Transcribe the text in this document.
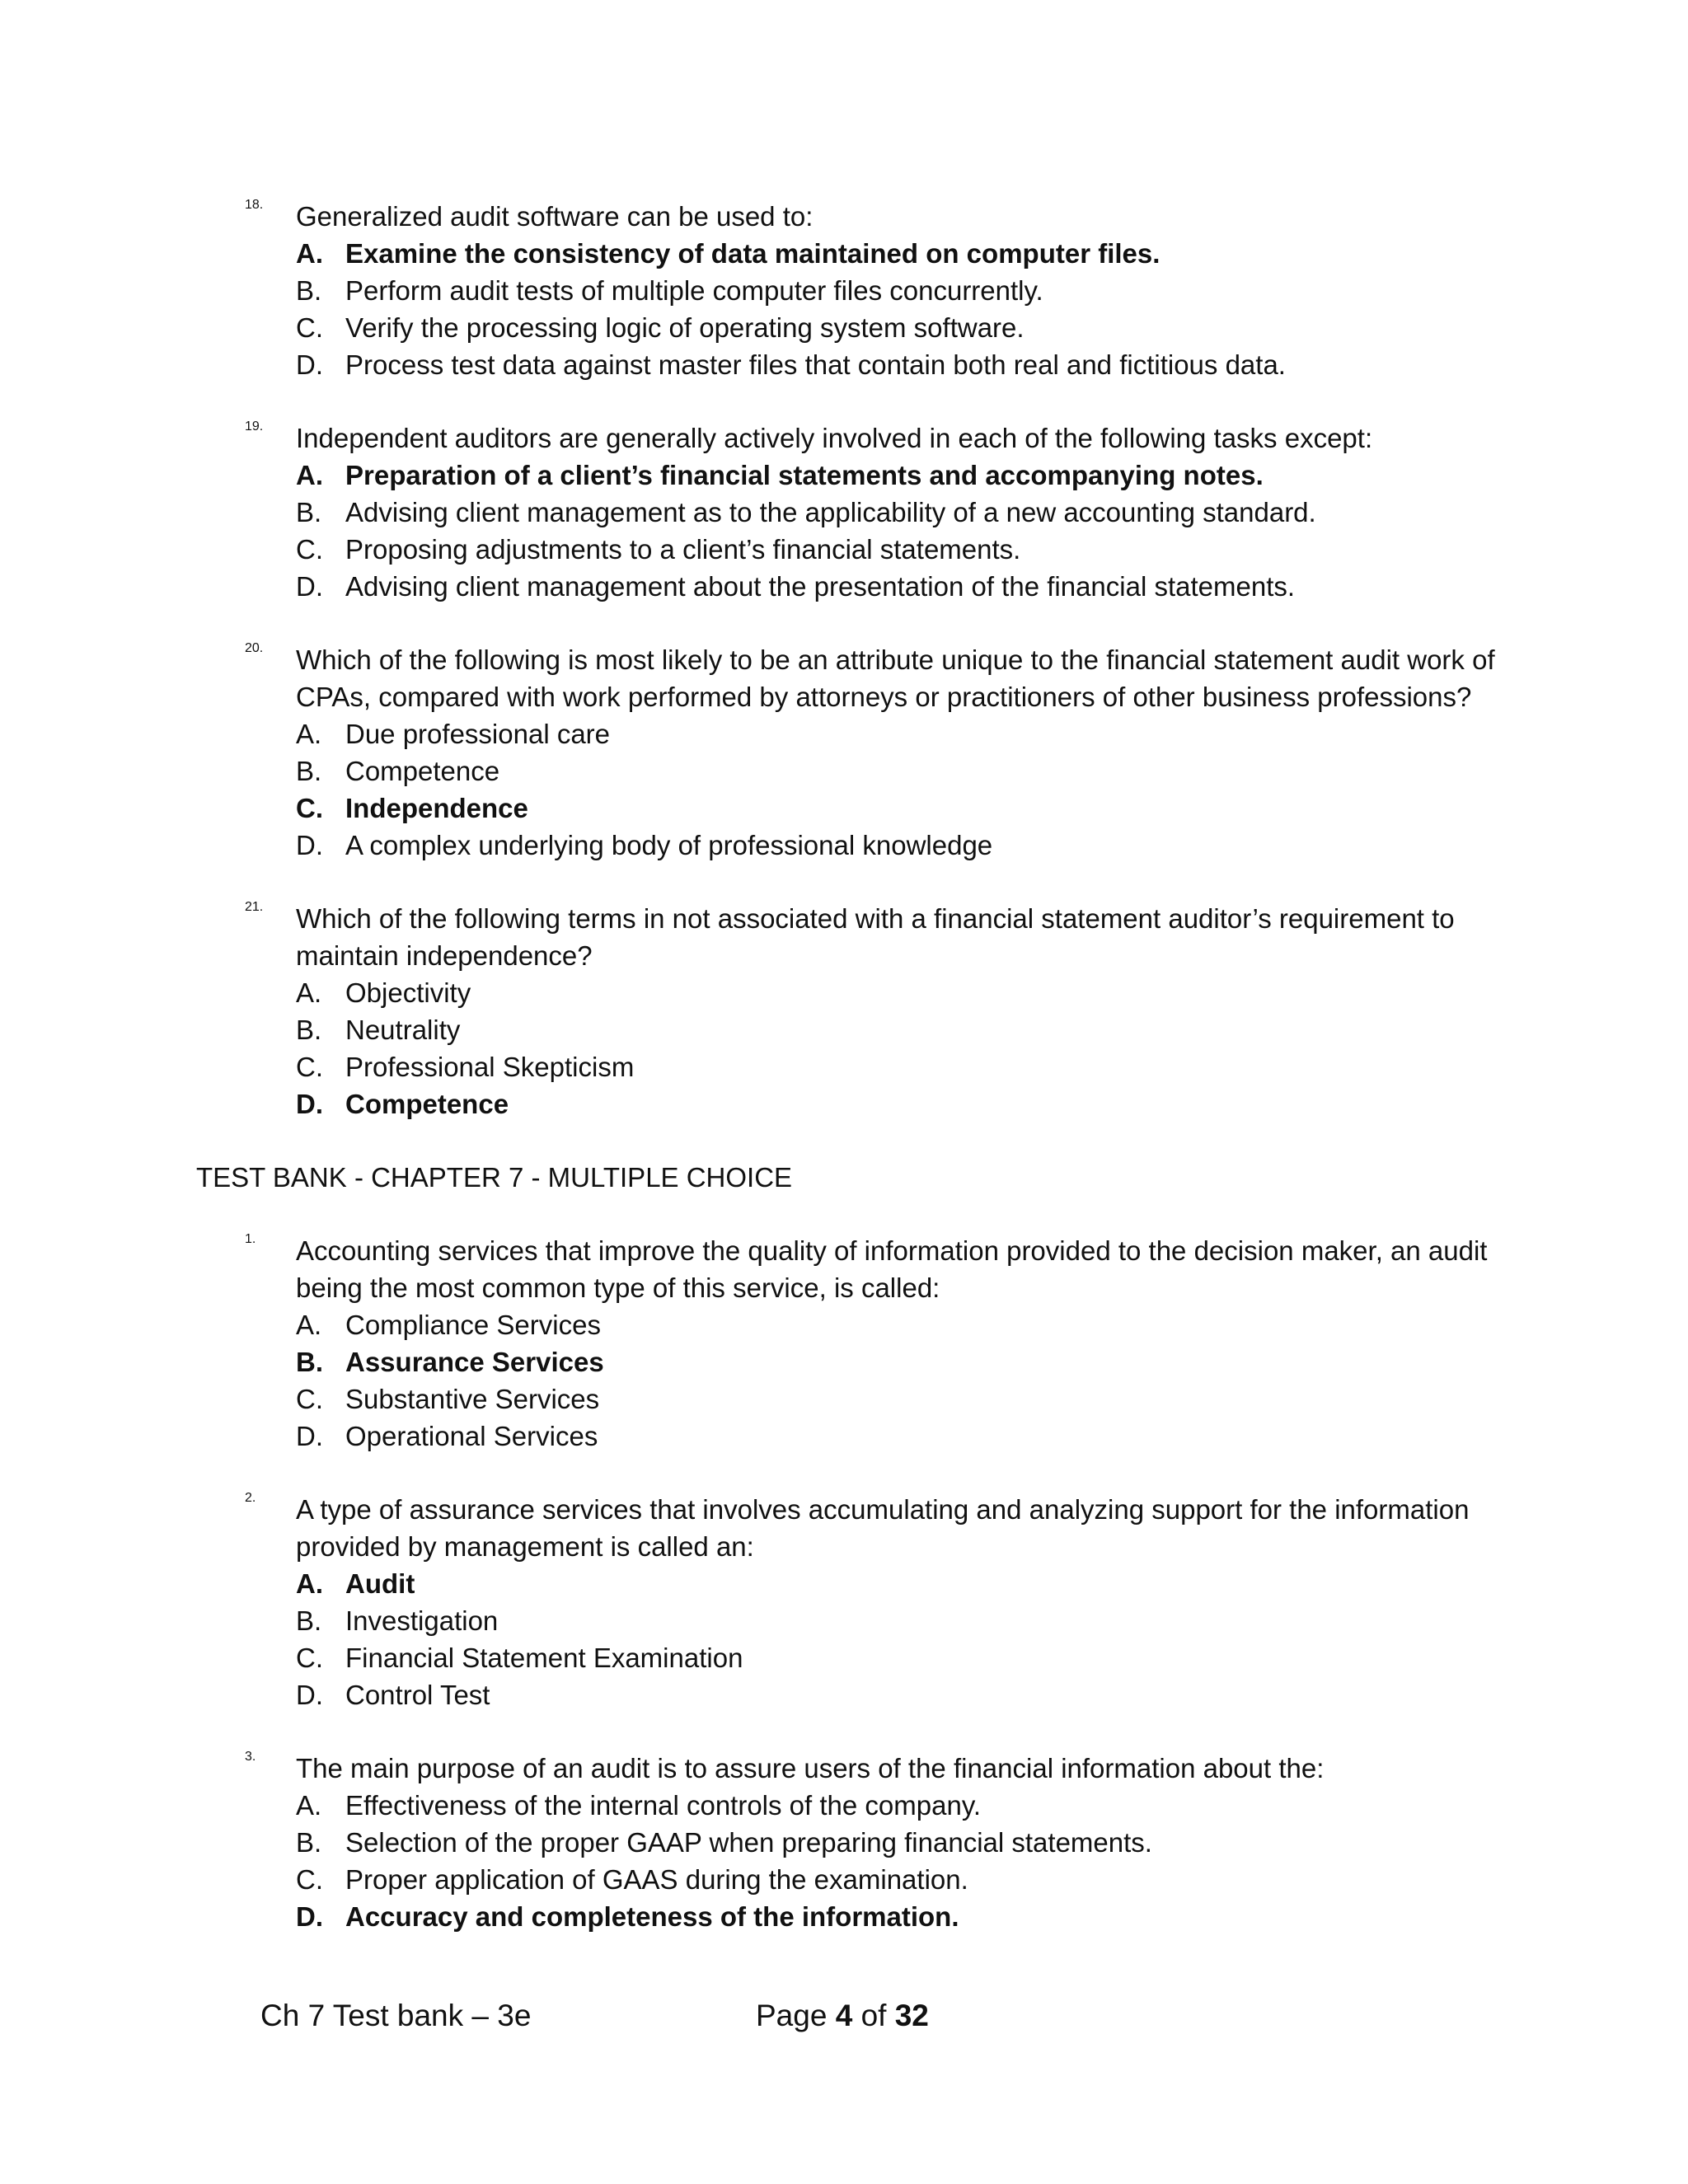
18.	Generalized audit software can be used to:
A. Examine the consistency of data maintained on computer files.
B. Perform audit tests of multiple computer files concurrently.
C. Verify the processing logic of operating system software.
D. Process test data against master files that contain both real and fictitious data.
19.	Independent auditors are generally actively involved in each of the following tasks except:
A. Preparation of a client’s financial statements and accompanying notes.
B. Advising client management as to the applicability of a new accounting standard.
C. Proposing adjustments to a client’s financial statements.
D. Advising client management about the presentation of the financial statements.
20.	Which of the following is most likely to be an attribute unique to the financial statement audit work of CPAs, compared with work performed by attorneys or practitioners of other business professions?
A. Due professional care
B. Competence
C. Independence
D. A complex underlying body of professional knowledge
21.	Which of the following terms in not associated with a financial statement auditor’s requirement to maintain independence?
A. Objectivity
B. Neutrality
C. Professional Skepticism
D. Competence
TEST BANK - CHAPTER 7 - MULTIPLE CHOICE
1.	Accounting services that improve the quality of information provided to the decision maker, an audit being the most common type of this service, is called:
A. Compliance Services
B. Assurance Services
C. Substantive Services
D. Operational Services
2.	A type of assurance services that involves accumulating and analyzing support for the information provided by management is called an:
A. Audit
B. Investigation
C. Financial Statement Examination
D. Control Test
3.	The main purpose of an audit is to assure users of the financial information about the:
A. Effectiveness of the internal controls of the company.
B. Selection of the proper GAAP when preparing financial statements.
C. Proper application of GAAS during the examination.
D. Accuracy and completeness of the information.
Ch 7 Test bank – 3e	Page 4 of 32
